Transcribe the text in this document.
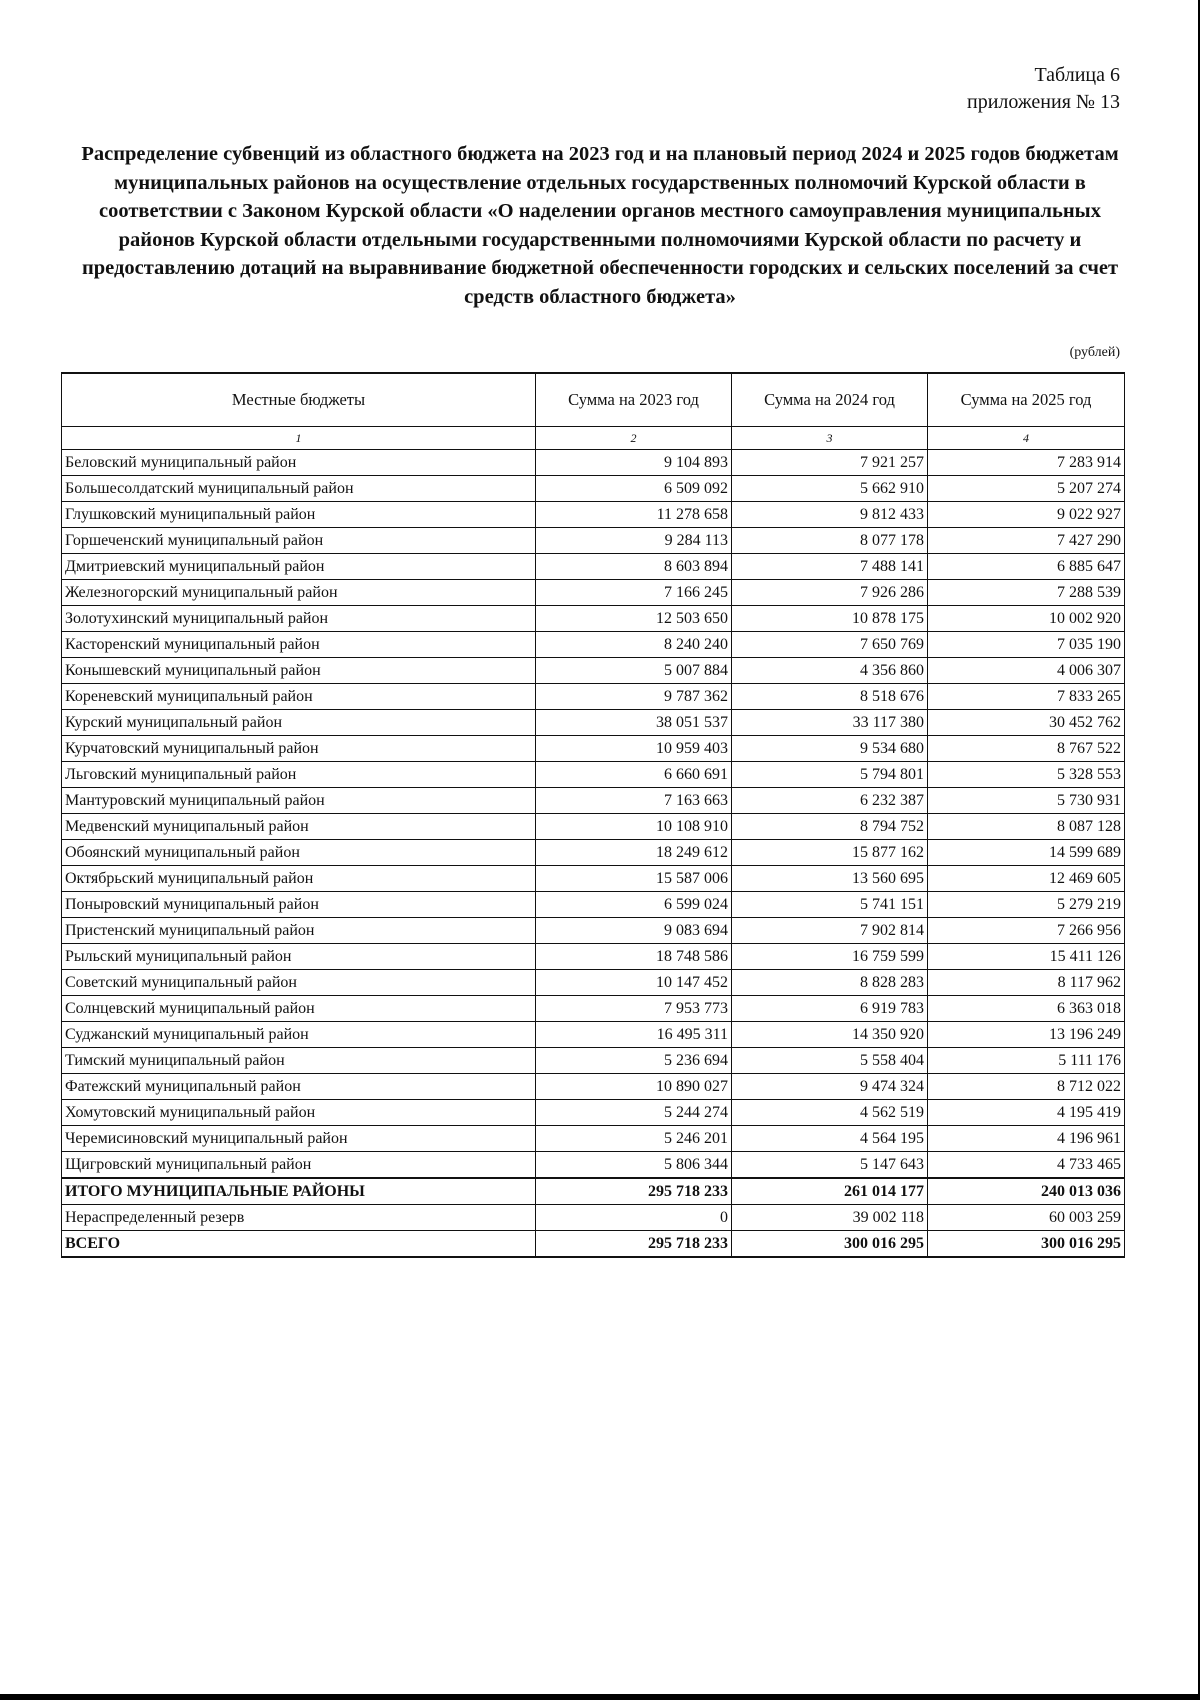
Таблица 6
приложения № 13
Распределение субвенций из областного бюджета на 2023 год и на плановый период 2024 и 2025 годов бюджетам муниципальных районов на осуществление отдельных государственных полномочий Курской области в соответствии с Законом Курской области «О наделении органов местного самоуправления муниципальных районов Курской области отдельными государственными полномочиями Курской области по расчету и предоставлению дотаций на выравнивание бюджетной обеспеченности городских и сельских поселений за счет средств областного бюджета»
(рублей)
Местные бюджеты	Сумма на 2023 год	Сумма на 2024 год	Сумма на 2025 год
1	2	3	4
Беловский муниципальный район	9 104 893	7 921 257	7 283 914
Большесолдатский муниципальный район	6 509 092	5 662 910	5 207 274
Глушковский муниципальный район	11 278 658	9 812 433	9 022 927
Горшеченский муниципальный район	9 284 113	8 077 178	7 427 290
Дмитриевский муниципальный район	8 603 894	7 488 141	6 885 647
Железногорский муниципальный район	7 166 245	7 926 286	7 288 539
Золотухинский муниципальный район	12 503 650	10 878 175	10 002 920
Касторенский муниципальный район	8 240 240	7 650 769	7 035 190
Конышевский муниципальный район	5 007 884	4 356 860	4 006 307
Кореневский муниципальный район	9 787 362	8 518 676	7 833 265
Курский муниципальный район	38 051 537	33 117 380	30 452 762
Курчатовский муниципальный район	10 959 403	9 534 680	8 767 522
Льговский муниципальный район	6 660 691	5 794 801	5 328 553
Мантуровский муниципальный район	7 163 663	6 232 387	5 730 931
Медвенский муниципальный район	10 108 910	8 794 752	8 087 128
Обоянский муниципальный район	18 249 612	15 877 162	14 599 689
Октябрьский муниципальный район	15 587 006	13 560 695	12 469 605
Поныровский муниципальный район	6 599 024	5 741 151	5 279 219
Пристенский муниципальный район	9 083 694	7 902 814	7 266 956
Рыльский муниципальный район	18 748 586	16 759 599	15 411 126
Советский муниципальный район	10 147 452	8 828 283	8 117 962
Солнцевский муниципальный район	7 953 773	6 919 783	6 363 018
Суджанский муниципальный район	16 495 311	14 350 920	13 196 249
Тимский муниципальный район	5 236 694	5 558 404	5 111 176
Фатежский муниципальный район	10 890 027	9 474 324	8 712 022
Хомутовский муниципальный район	5 244 274	4 562 519	4 195 419
Черемисиновский муниципальный район	5 246 201	4 564 195	4 196 961
Щигровский муниципальный район	5 806 344	5 147 643	4 733 465
ИТОГО МУНИЦИПАЛЬНЫЕ РАЙОНЫ	295 718 233	261 014 177	240 013 036
Нераспределенный резерв	0	39 002 118	60 003 259
ВСЕГО	295 718 233	300 016 295	300 016 295
